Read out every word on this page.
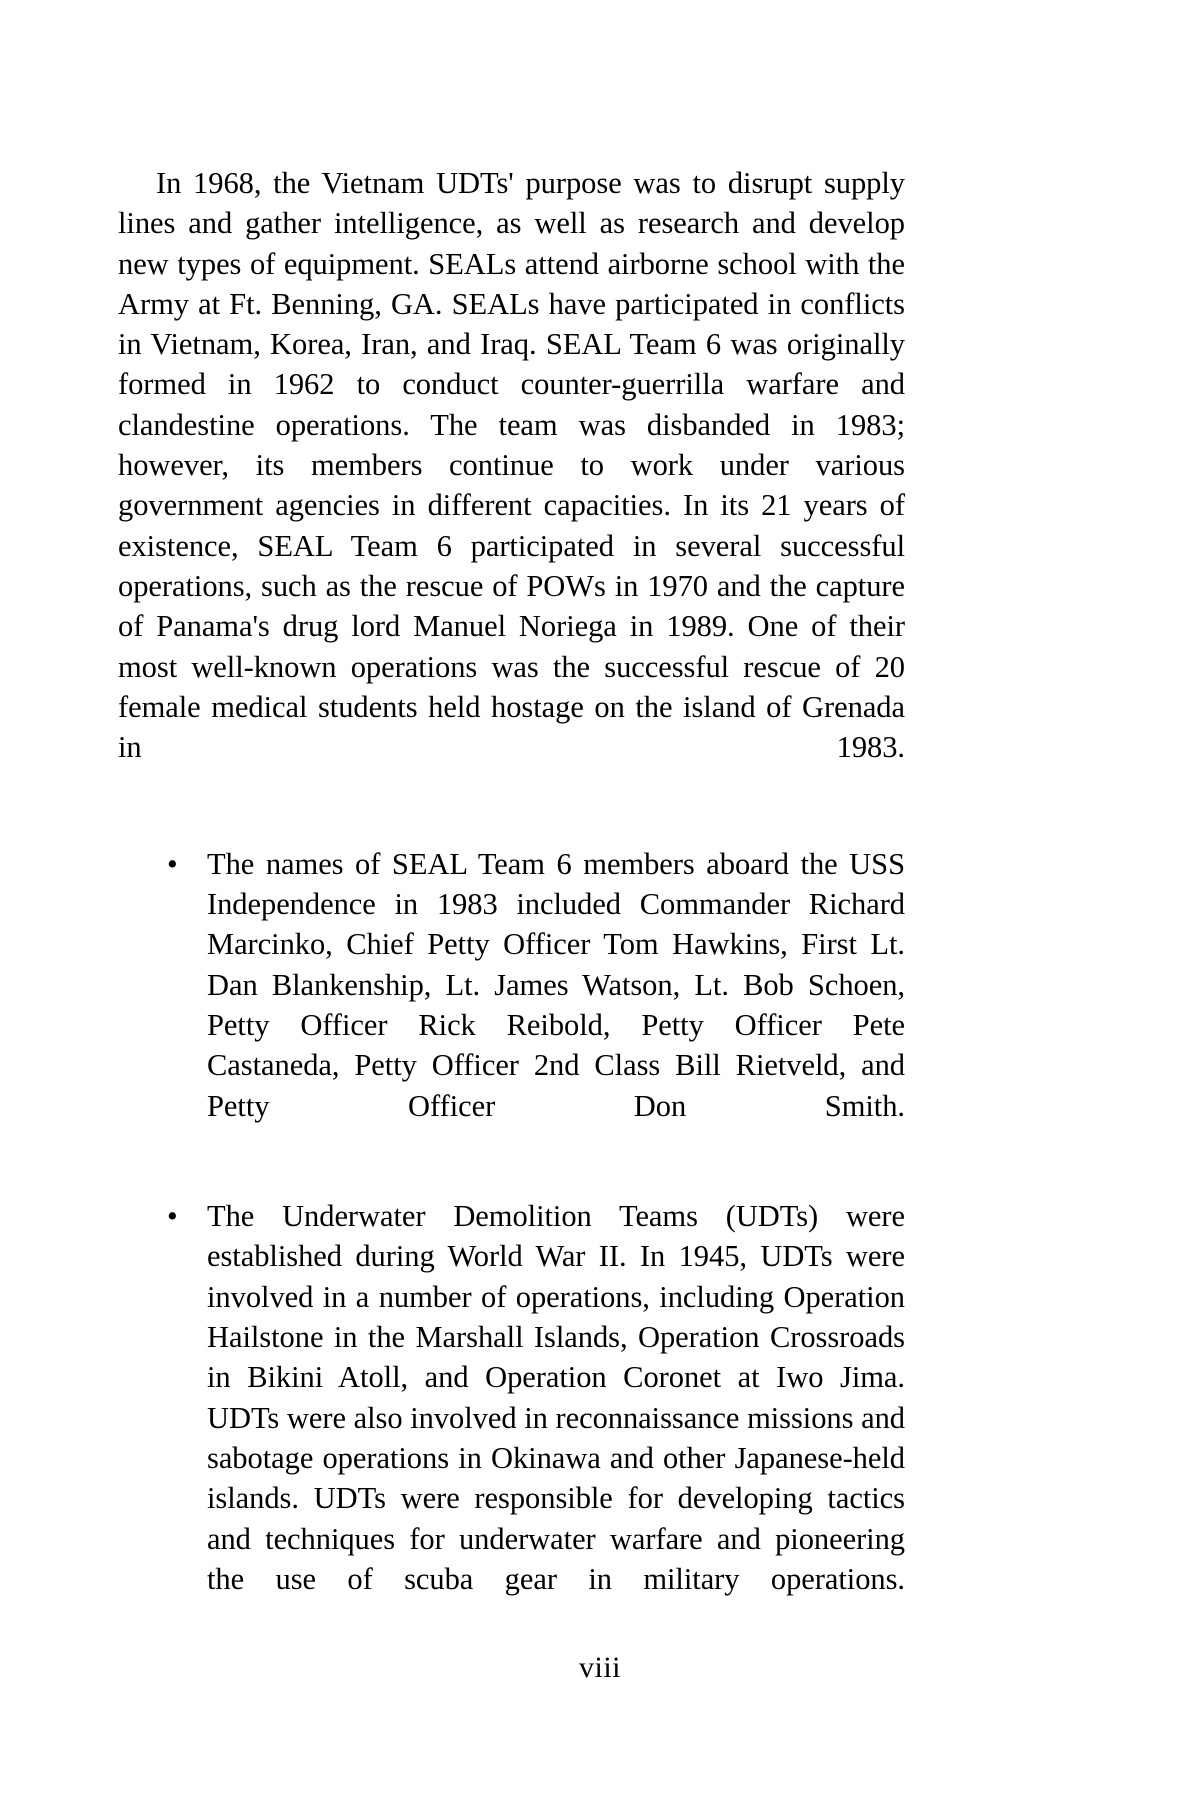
In 1968, the Vietnam UDTs' purpose was to disrupt supply lines and gather intelligence, as well as research and develop new types of equipment. SEALs attend airborne school with the Army at Ft. Benning, GA. SEALs have participated in conflicts in Vietnam, Korea, Iran, and Iraq. SEAL Team 6 was originally formed in 1962 to conduct counter-guerrilla warfare and clandestine operations. The team was disbanded in 1983; however, its members continue to work under various government agencies in different capacities. In its 21 years of existence, SEAL Team 6 participated in several successful operations, such as the rescue of POWs in 1970 and the capture of Panama's drug lord Manuel Noriega in 1989. One of their most well-known operations was the successful rescue of 20 female medical students held hostage on the island of Grenada in 1983.

• The names of SEAL Team 6 members aboard the USS Independence in 1983 included Commander Richard Marcinko, Chief Petty Officer Tom Hawkins, First Lt. Dan Blankenship, Lt. James Watson, Lt. Bob Schoen, Petty Officer Rick Reibold, Petty Officer Pete Castaneda, Petty Officer 2nd Class Bill Rietveld, and Petty Officer Don Smith.
• The Underwater Demolition Teams (UDTs) were established during World War II. In 1945, UDTs were involved in a number of operations, including Operation Hailstone in the Marshall Islands, Operation Crossroads in Bikini Atoll, and Operation Coronet at Iwo Jima. UDTs were also involved in reconnaissance missions and sabotage operations in Okinawa and other Japanese-held islands. UDTs were responsible for developing tactics and techniques for underwater warfare and pioneering the use of scuba gear in military operations.
viii
